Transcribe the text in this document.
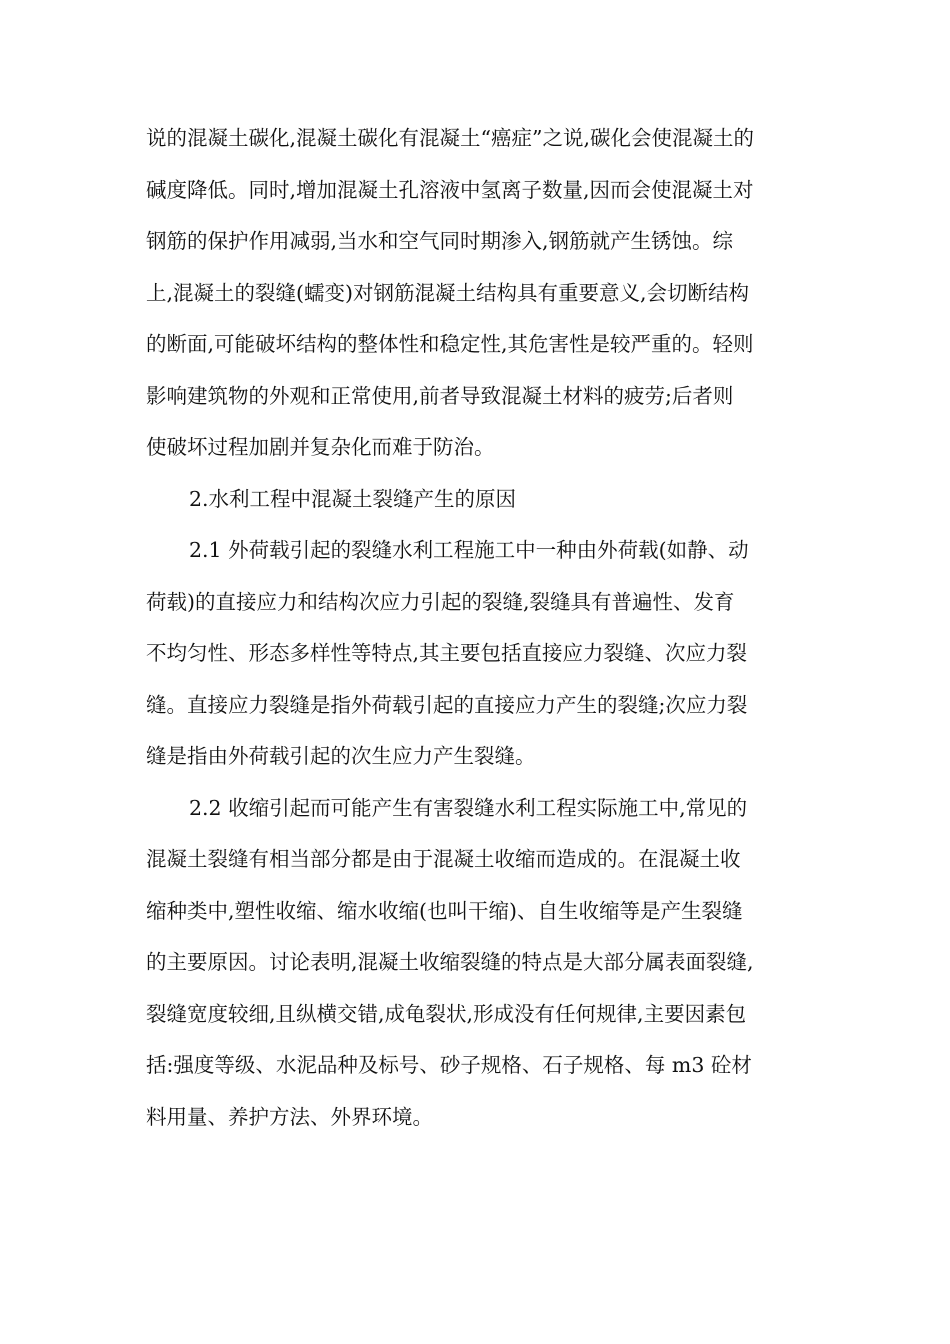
说的混凝土碳化,混凝土碳化有混凝土“癌症”之说,碳化会使混凝土的
碱度降低。同时,增加混凝土孔溶液中氢离子数量,因而会使混凝土对
钢筋的保护作用减弱,当水和空气同时期渗入,钢筋就产生锈蚀。综
上,混凝土的裂缝(蠕变)对钢筋混凝土结构具有重要意义,会切断结构
的断面,可能破坏结构的整体性和稳定性,其危害性是较严重的。轻则
影响建筑物的外观和正常使用,前者导致混凝土材料的疲劳;后者则
使破坏过程加剧并复杂化而难于防治。
2.水利工程中混凝土裂缝产生的原因
2.1 外荷载引起的裂缝水利工程施工中一种由外荷载(如静、动
荷载)的直接应力和结构次应力引起的裂缝,裂缝具有普遍性、发育
不均匀性、形态多样性等特点,其主要包括直接应力裂缝、次应力裂
缝。直接应力裂缝是指外荷载引起的直接应力产生的裂缝;次应力裂
缝是指由外荷载引起的次生应力产生裂缝。
2.2 收缩引起而可能产生有害裂缝水利工程实际施工中,常见的
混凝土裂缝有相当部分都是由于混凝土收缩而造成的。在混凝土收
缩种类中,塑性收缩、缩水收缩(也叫干缩)、自生收缩等是产生裂缝
的主要原因。讨论表明,混凝土收缩裂缝的特点是大部分属表面裂缝,
裂缝宽度较细,且纵横交错,成龟裂状,形成没有任何规律,主要因素包
括:强度等级、水泥品种及标号、砂子规格、石子规格、每 m3 砼材
料用量、养护方法、外界环境。
